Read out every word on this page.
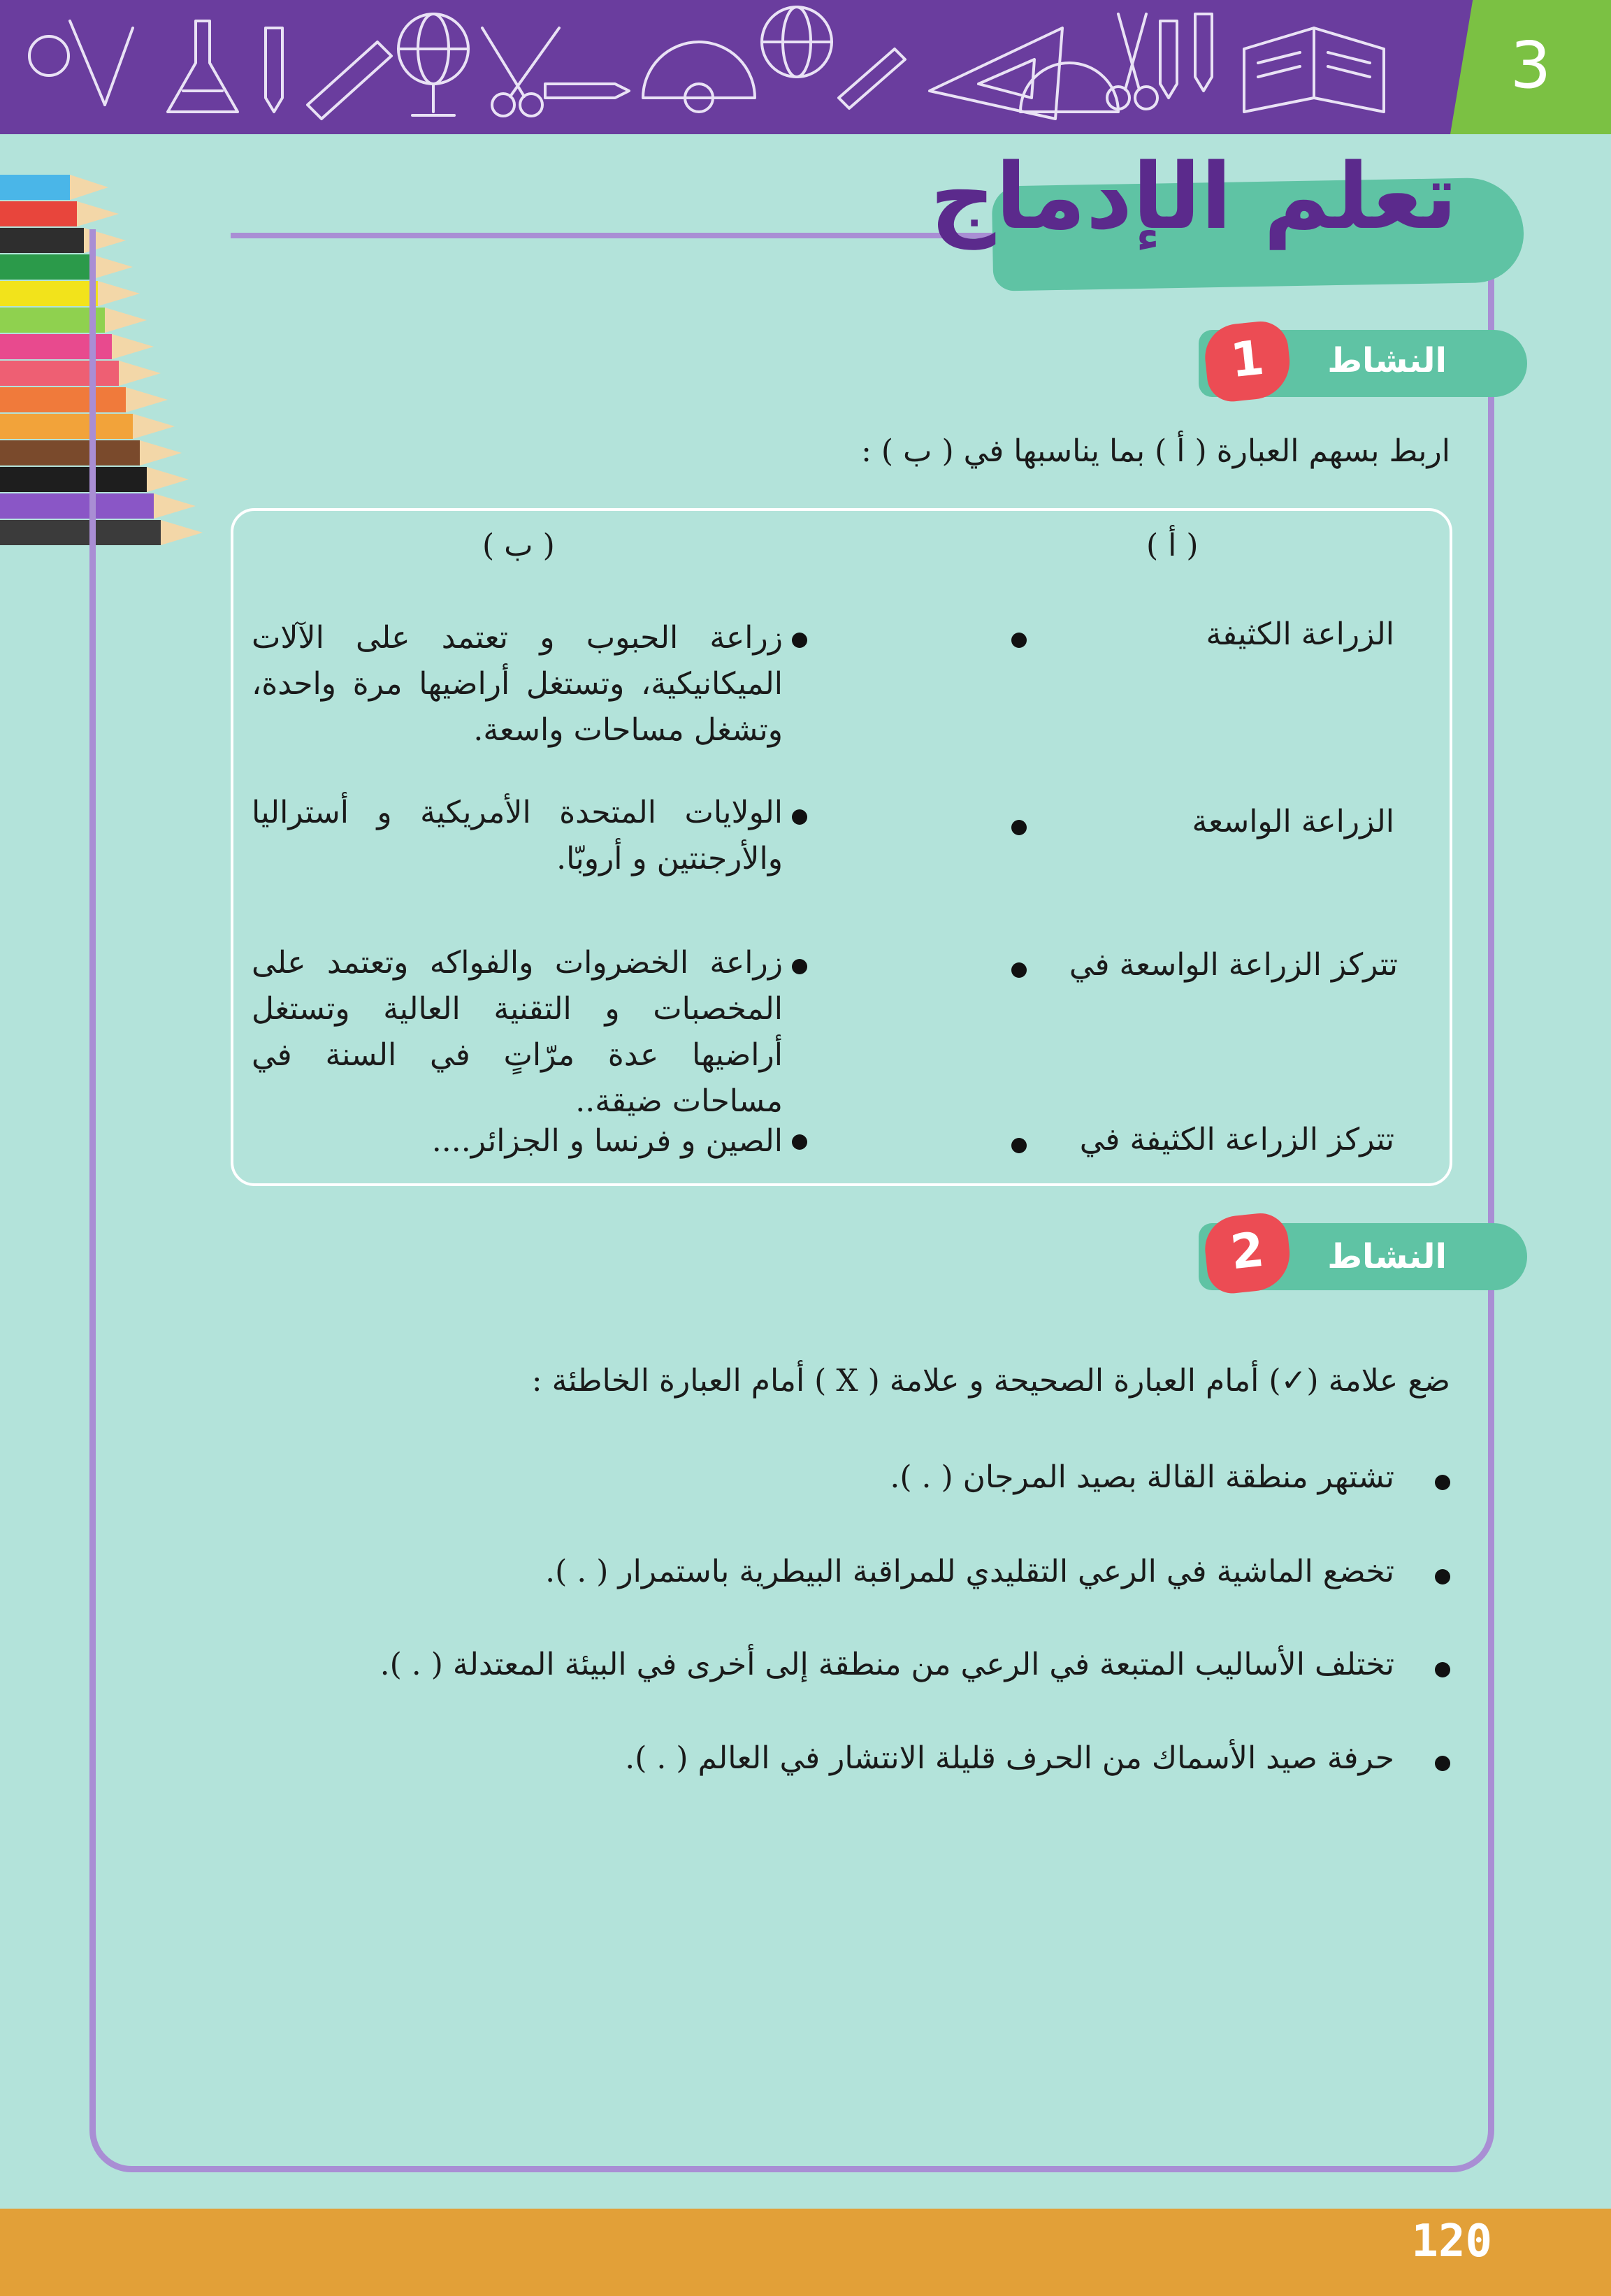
3
تعلم الإدماج
النشاط
1
اربط بسهم العبارة ( أ ) بما يناسبها في ( ب ) :
( أ )
( ب )
الزراعة الكثيفة
زراعة الحبوب و تعتمد على الآلات الميكانيكية، وتستغل أراضيها مرة واحدة، وتشغل مساحات واسعة.
الزراعة الواسعة
الولايات المتحدة الأمريكية و أستراليا والأرجنتين و أروبّا.
تتركز الزراعة الواسعة في
زراعة الخضروات والفواكه وتعتمد على المخصبات و التقنية العالية وتستغل أراضيها عدة مرّاتٍ في السنة في مساحات ضيقة..
تتركز الزراعة الكثيفة في
الصين و فرنسا و الجزائر....
النشاط
2
ضع علامة (✓) أمام العبارة الصحيحة و علامة ( X ) أمام العبارة الخاطئة :
تشتهر منطقة القالة بصيد المرجان ( . ).
تخضع الماشية في الرعي التقليدي للمراقبة البيطرية باستمرار ( . ).
تختلف الأساليب المتبعة في الرعي من منطقة إلى أخرى في البيئة المعتدلة ( . ).
حرفة صيد الأسماك من الحرف قليلة الانتشار في العالم ( . ).
120
